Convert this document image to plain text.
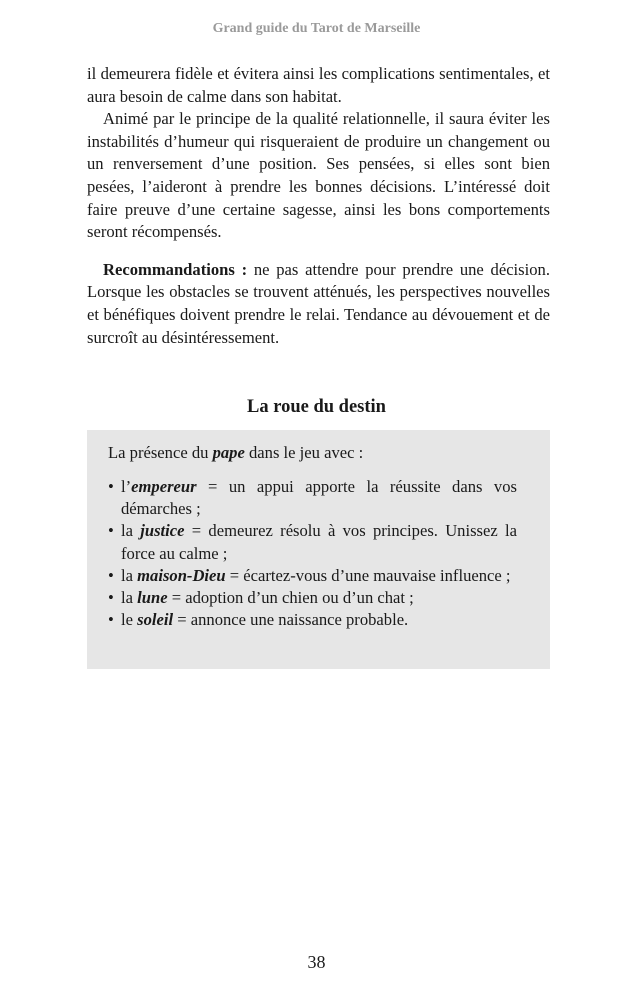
Grand guide du Tarot de Marseille

il demeurera fidèle et évitera ainsi les complications sentimentales, et aura besoin de calme dans son habitat.

Animé par le principe de la qualité relationnelle, il saura éviter les instabilités d’humeur qui risqueraient de produire un changement ou un renversement d’une position. Ses pensées, si elles sont bien pesées, l’aideront à prendre les bonnes décisions. L’intéressé doit faire preuve d’une certaine sagesse, ainsi les bons comportements seront récompensés.

Recommandations : ne pas attendre pour prendre une décision. Lorsque les obstacles se trouvent atténués, les perspectives nouvelles et bénéfiques doivent prendre le relai. Tendance au dévouement et de surcroît au désintéressement.

La roue du destin
La présence du pape dans le jeu avec :
• l’empereur = un appui apporte la réussite dans vos démarches ;
• la justice = demeurez résolu à vos principes. Unissez la force au calme ;
• la maison-Dieu = écartez-vous d’une mauvaise influence ;
• la lune = adoption d’un chien ou d’un chat ;
• le soleil = annonce une naissance probable.
38
